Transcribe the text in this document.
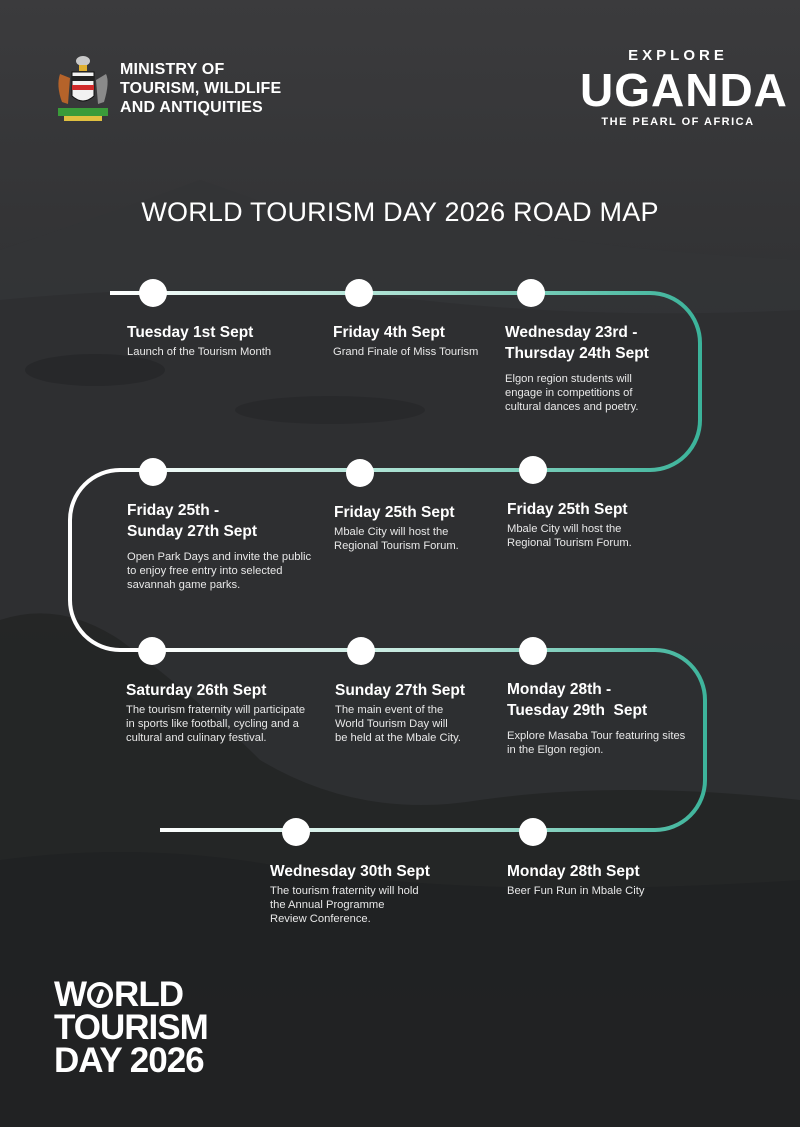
MINISTRY OF
TOURISM, WILDLIFE
AND ANTIQUITIES
EXPLORE
UGANDA
THE PEARL OF AFRICA
WORLD TOURISM DAY 2026 ROAD MAP
Tuesday 1st Sept

Launch of the Tourism Month

Friday 4th Sept

Grand Finale of Miss Tourism

Wednesday 23rd -
Thursday 24th Sept

Elgon region students will
engage in competitions of
cultural dances and poetry.

Friday 25th -
Sunday 27th Sept

Open Park Days and invite the public
to enjoy free entry into selected
savannah game parks.

Friday 25th Sept

Mbale City will host the
Regional Tourism Forum.

Friday 25th Sept

Mbale City will host the
Regional Tourism Forum.

Saturday 26th Sept

The tourism fraternity will participate
in sports like football, cycling and a
cultural and culinary festival.

Sunday 27th Sept

The main event of the
World Tourism Day will
be held at the Mbale City.

Monday 28th -
Tuesday 29th  Sept

Explore Masaba Tour featuring sites
in the Elgon region.

Wednesday 30th Sept

The tourism fraternity will hold
the Annual Programme
Review Conference.

Monday 28th Sept

Beer Fun Run in Mbale City

W RLD
TOURISM
DAY 2026
